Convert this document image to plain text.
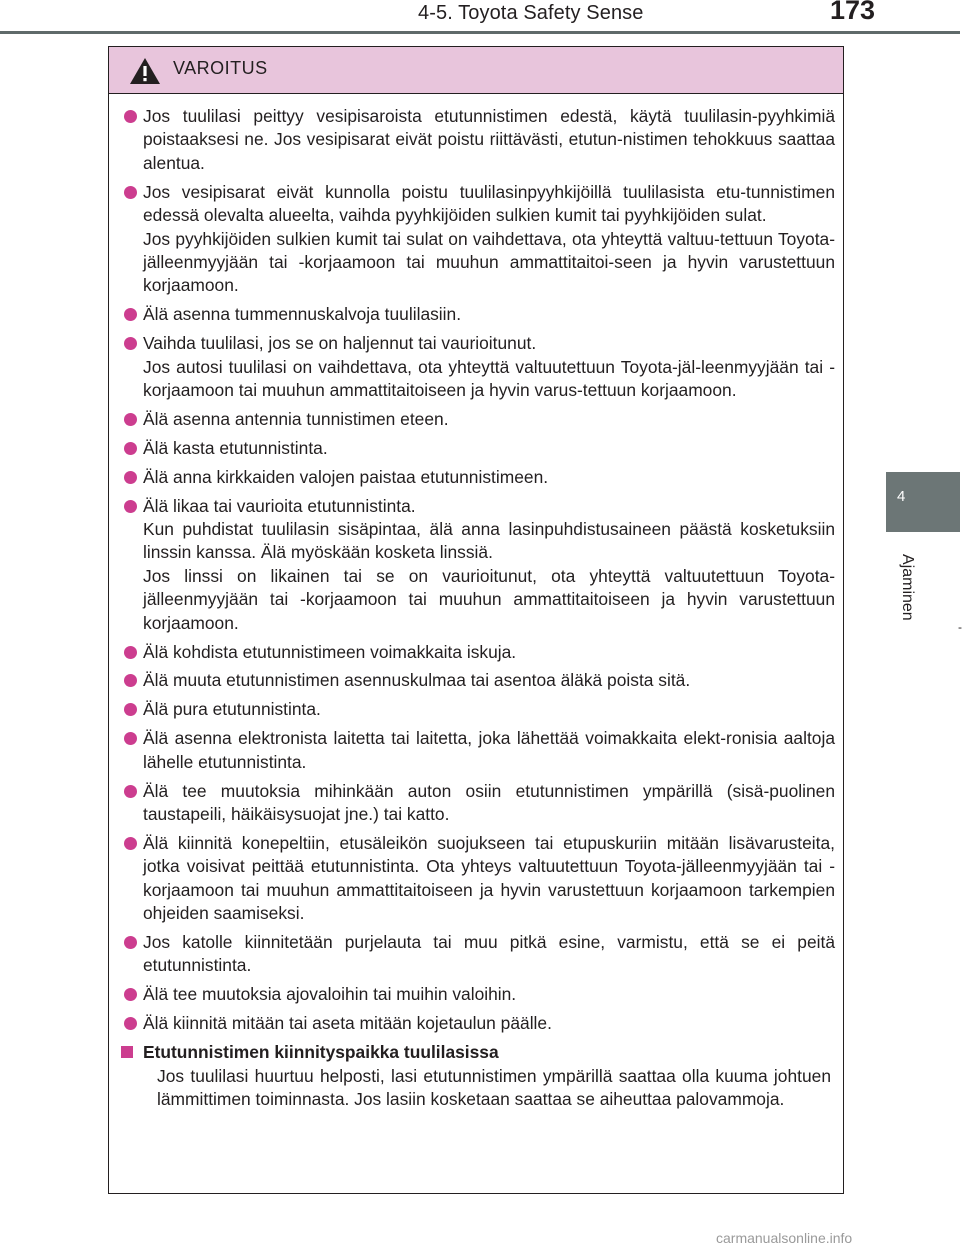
4-5. Toyota Safety Sense	173
4
Ajaminen
-
VAROITUS

Jos tuulilasi peittyy vesipisaroista etutunnistimen edestä, käytä tuulilasin-pyyhkimiä poistaaksesi ne. Jos vesipisarat eivät poistu riittävästi, etutun-nistimen tehokkuus saattaa alentua.

Jos vesipisarat eivät kunnolla poistu tuulilasinpyyhkijöillä tuulilasista etu-tunnistimen edessä olevalta alueelta, vaihda pyyhkijöiden sulkien kumit tai pyyhkijöiden sulat.

Jos pyyhkijöiden sulkien kumit tai sulat on vaihdettava, ota yhteyttä valtuu-tettuun Toyota-jälleenmyyjään tai -korjaamoon tai muuhun ammattitaitoi-seen ja hyvin varustettuun korjaamoon.

Älä asenna tummennuskalvoja tuulilasiin.

Vaihda tuulilasi, jos se on haljennut tai vaurioitunut.

Jos autosi tuulilasi on vaihdettava, ota yhteyttä valtuutettuun Toyota-jäl-leenmyyjään tai -korjaamoon tai muuhun ammattitaitoiseen ja hyvin varus-tettuun korjaamoon.

Älä asenna antennia tunnistimen eteen.

Älä kasta etutunnistinta.

Älä anna kirkkaiden valojen paistaa etutunnistimeen.

Älä likaa tai vaurioita etutunnistinta.

Kun puhdistat tuulilasin sisäpintaa, älä anna lasinpuhdistusaineen päästä kosketuksiin linssin kanssa. Älä myöskään kosketa linssiä.

Jos linssi on likainen tai se on vaurioitunut, ota yhteyttä valtuutettuun Toyota-jälleenmyyjään tai -korjaamoon tai muuhun ammattitaitoiseen ja hyvin varustettuun korjaamoon.

Älä kohdista etutunnistimeen voimakkaita iskuja.

Älä muuta etutunnistimen asennuskulmaa tai asentoa äläkä poista sitä.

Älä pura etutunnistinta.

Älä asenna elektronista laitetta tai laitetta, joka lähettää voimakkaita elekt-ronisia aaltoja lähelle etutunnistinta.

Älä tee muutoksia mihinkään auton osiin etutunnistimen ympärillä (sisä-puolinen taustapeili, häikäisysuojat jne.) tai katto.

Älä kiinnitä konepeltiin, etusäleikön suojukseen tai etupuskuriin mitään lisävarusteita, jotka voisivat peittää etutunnistinta. Ota yhteys valtuutettuun Toyota-jälleenmyyjään tai -korjaamoon tai muuhun ammattitaitoiseen ja hyvin varustettuun korjaamoon tarkempien ohjeiden saamiseksi.

Jos katolle kiinnitetään purjelauta tai muu pitkä esine, varmistu, että se ei peitä etutunnistinta.

Älä tee muutoksia ajovaloihin tai muihin valoihin.

Älä kiinnitä mitään tai aseta mitään kojetaulun päälle.

Etutunnistimen kiinnityspaikka tuulilasissa
Jos tuulilasi huurtuu helposti, lasi etutunnistimen ympärillä saattaa olla kuuma johtuen lämmittimen toiminnasta. Jos lasiin kosketaan saattaa se aiheuttaa palovammoja.
carmanualsonline.info
